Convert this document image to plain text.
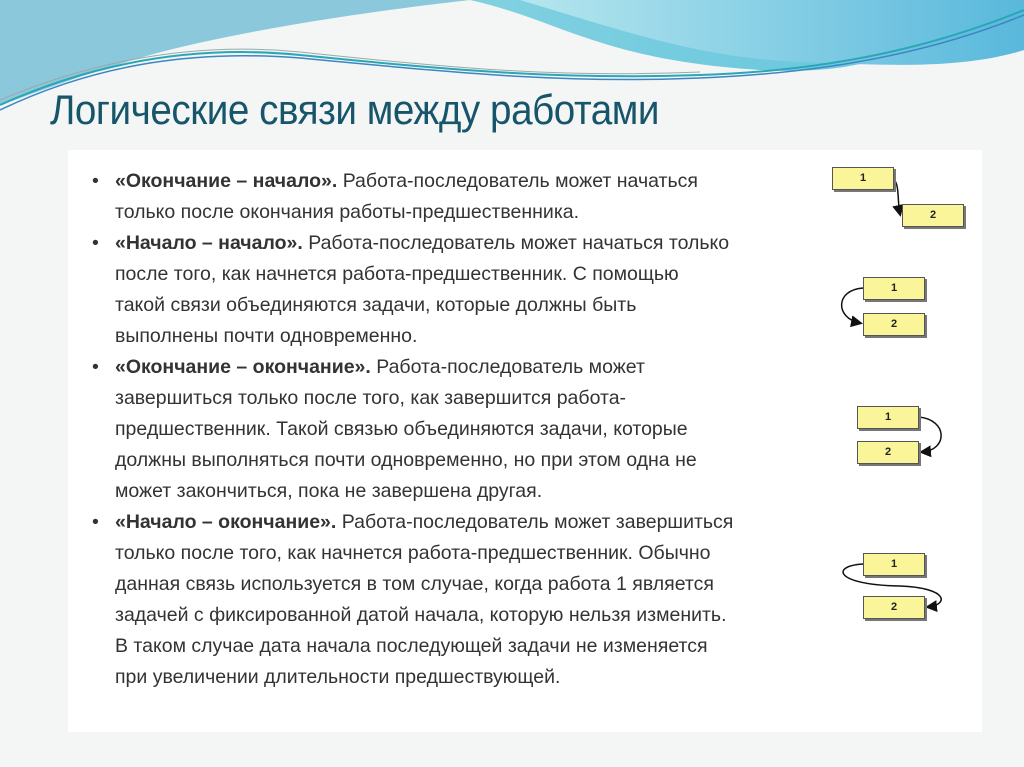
Логические связи между работами
• «Окончание – начало». Работа-последователь может начаться
только после окончания работы-предшественника.
• «Начало – начало». Работа-последователь может начаться только
после того, как начнется работа-предшественник. С помощью
такой связи объединяются задачи, которые должны быть
выполнены почти одновременно.
• «Окончание – окончание». Работа-последователь может
завершиться только после того, как завершится работа-
предшественник. Такой связью объединяются задачи, которые
должны выполняться почти одновременно, но при этом одна не
может закончиться, пока не завершена другая.
• «Начало – окончание». Работа-последователь может завершиться
только после того, как начнется работа-предшественник. Обычно
данная связь используется в том случае, когда работа 1 является
задачей с фиксированной датой начала, которую нельзя изменить.
В таком случае дата начала последующей задачи не изменяется
при увеличении длительности предшествующей.
1
2
1
2
1
2
1
2
